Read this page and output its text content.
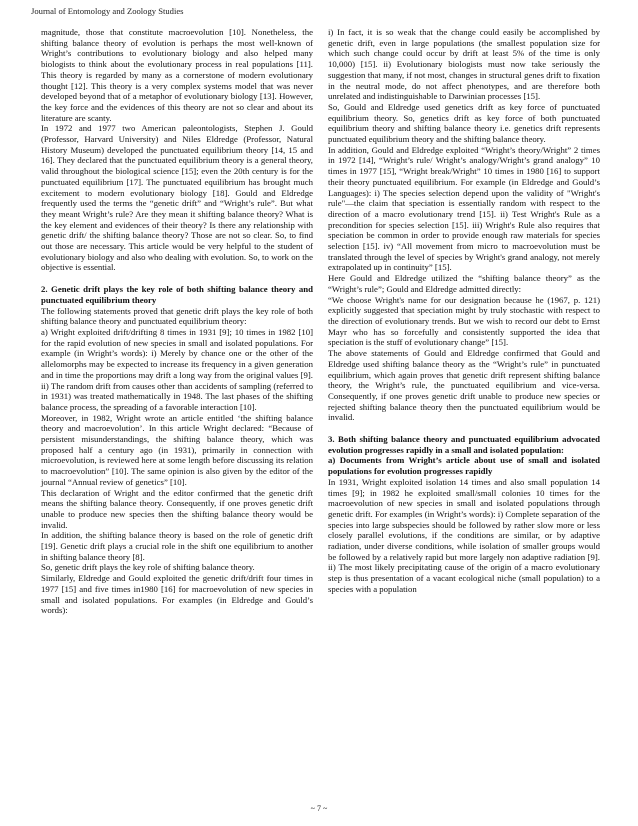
Journal of Entomology and Zoology Studies

magnitude, those that constitute macroevolution [10]. Nonetheless, the shifting balance theory of evolution is perhaps the most well-known of Wright’s contributions to evolutionary biology and also helped many biologists to think about the evolutionary process in real populations [11]. This theory is regarded by many as a cornerstone of modern evolutionary thought [12]. This theory is a very complex systems model that was never developed beyond that of a metaphor of evolutionary biology [13]. However, the key force and the evidences of this theory are not so clear and about its literature are scanty.

In 1972 and 1977 two American paleontologists, Stephen J. Gould (Professor, Harvard University) and Niles Eldredge (Professor, Natural History Museum) developed the punctuated equilibrium theory [14, 15 and 16]. They declared that the punctuated equilibrium theory is a general theory, valid throughout the biological science [15]; even the 20th century is for the punctuated equilibrium [17]. The punctuated equilibrium has brought much excitement to modern evolutionary biology [18]. Gould and Eldredge frequently used the terms the “genetic drift” and “Wright’s rule”. But what they meant Wright’s rule? Are they mean it shifting balance theory? What is the key element and evidences of their theory? Is there any relationship with genetic drift/ the shifting balance theory? Those are not so clear. So, to find out those are necessary. This article would be very helpful to the student of evolutionary biology and also who dealing with evolution. So, to work on the objective is essential.

2. Genetic drift plays the key role of both shifting balance theory and punctuated equilibrium theory

The following statements proved that genetic drift plays the key role of both shifting balance theory and punctuated equilibrium theory:

a) Wright exploited drift/drifting 8 times in 1931 [9]; 10 times in 1982 [10] for the rapid evolution of new species in small and isolated populations. For example (in Wright’s words): i) Merely by chance one or the other of the allelomorphs may be expected to increase its frequency in a given generation and in time the proportions may drift a long way from the original values [9]. ii) The random drift from causes other than accidents of sampling (referred to in 1931) was treated mathematically in 1948. The last phases of the shifting balance process, the spreading of a favorable interaction [10].

Moreover, in 1982, Wright wrote an article entitled ‘the shifting balance theory and macroevolution’. In this article Wright declared: “Because of persistent misunderstandings, the shifting balance theory, which was proposed half a century ago (in 1931), primarily in connection with microevolution, is reviewed here at some length before discussing its relation to macroevolution” [10]. The same opinion is also given by the editor of the journal “Annual review of genetics” [10].

This declaration of Wright and the editor confirmed that the genetic drift means the shifting balance theory. Consequently, if one proves genetic drift unable to produce new species then the shifting balance theory would be invalid.

In addition, the shifting balance theory is based on the role of genetic drift [19]. Genetic drift plays a crucial role in the shift one equilibrium to another in shifting balance theory [8].

So, genetic drift plays the key role of shifting balance theory.

Similarly, Eldredge and Gould exploited the genetic drift/drift four times in 1977 [15] and five times in1980 [16] for macroevolution of new species in small and isolated populations. For examples (in Eldredge and Gould’s words):

i) In fact, it is so weak that the change could easily be accomplished by genetic drift, even in large populations (the smallest population size for which such change could occur by drift at least 5% of the time is only 10,000) [15]. ii) Evolutionary biologists must now take seriously the suggestion that many, if not most, changes in structural genes drift to fixation in the neutral mode, do not affect phenotypes, and are therefore both unrelated and indistinguishable to Darwinian processes [15].

So, Gould and Eldredge used genetics drift as key force of punctuated equilibrium theory. So, genetics drift as key force of both punctuated equilibrium theory and shifting balance theory i.e. genetics drift represents punctuated equilibrium theory and the shifting balance theory.

In addition, Gould and Eldredge exploited “Wright’s theory/Wright” 2 times in 1972 [14], “Wright’s rule/ Wright’s analogy/Wright’s grand analogy” 10 times in 1977 [15], “Wright break/Wright” 10 times in 1980 [16] to support their theory punctuated equilibrium. For example (in Eldredge and Gould’s Languages): i) The species selection depend upon the validity of "Wright's rule"—the claim that speciation is essentially random with respect to the direction of a macro evolutionary trend [15]. ii) Test Wright's Rule as a precondition for species selection [15]. iii) Wright's Rule also requires that speciation be common in order to provide enough raw materials for species selection [15]. iv) “All movement from micro to macroevolution must be translated through the level of species by Wright's grand analogy, not merely extrapolated up in continuity” [15].

Here Gould and Eldredge utilized the “shifting balance theory” as the “Wright’s rule”; Gould and Eldredge admitted directly:

“We choose Wright's name for our designation because he (1967, p. 121) explicitly suggested that speciation might by truly stochastic with respect to the direction of evolutionary trends. But we wish to record our debt to Ernst Mayr who has so forcefully and consistently supported the idea that speciation is the stuff of evolutionary change” [15].

The above statements of Gould and Eldredge confirmed that Gould and Eldredge used shifting balance theory as the “Wright’s rule” in punctuated equilibrium, which again proves that genetic drift represent shifting balance theory, the Wright’s rule, the punctuated equilibrium and vice-versa. Consequently, if one proves genetic drift unable to produce new species or rejected shifting balance theory then the punctuated equilibrium would be invalid.

3. Both shifting balance theory and punctuated equilibrium advocated evolution progresses rapidly in a small and isolated population:

a) Documents from Wright’s article about use of small and isolated populations for evolution progresses rapidly

In 1931, Wright exploited isolation 14 times and also small population 14 times [9]; in 1982 he exploited small/small colonies 10 times for the macroevolution of new species in small and isolated populations through genetic drift. For examples (in Wright’s words): i) Complete separation of the species into large subspecies should be followed by rather slow more or less closely parallel evolutions, if the conditions are similar, or by adaptive radiation, under diverse conditions, while isolation of smaller groups would be followed by a relatively rapid but more largely non adaptive radiation [9]. ii) The most likely precipitating cause of the origin of a macro evolutionary step is thus presentation of a vacant ecological niche (small population) to a species with a population

~ 7 ~
